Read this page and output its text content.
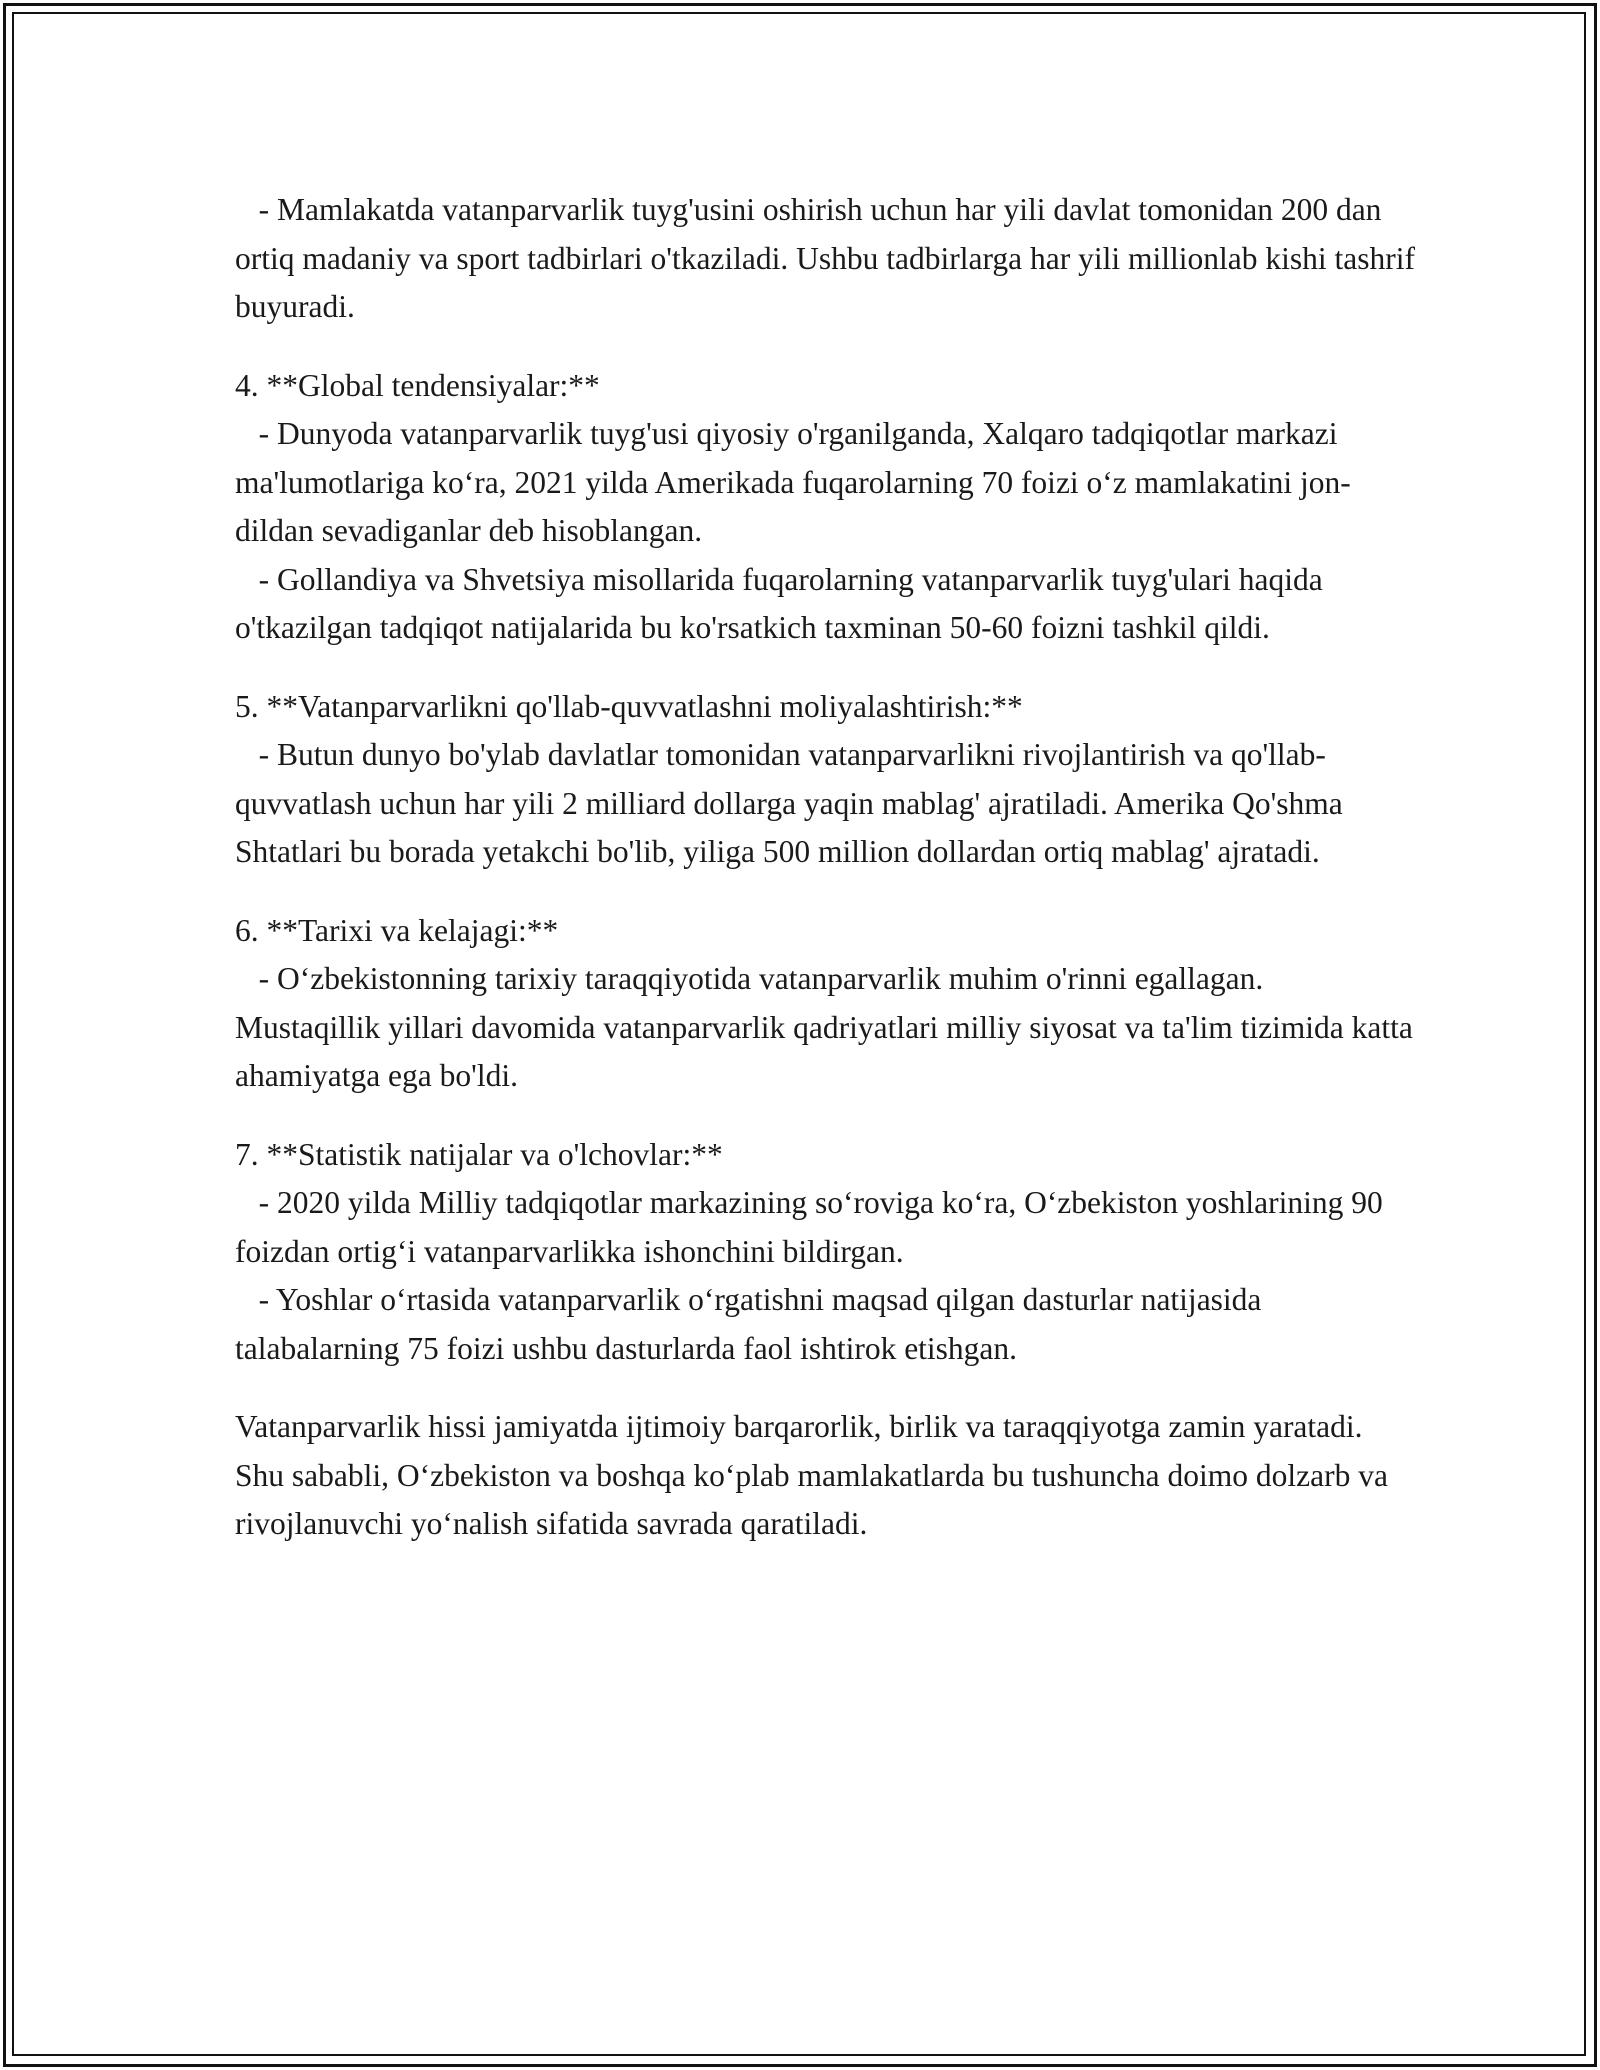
- Mamlakatda vatanparvarlik tuyg'usini oshirish uchun har yili davlat tomonidan 200 dan ortiq madaniy va sport tadbirlari o'tkaziladi. Ushbu tadbirlarga har yili millionlab kishi tashrif buyuradi.

4. **Global tendensiyalar:**

- Dunyoda vatanparvarlik tuyg'usi qiyosiy o'rganilganda, Xalqaro tadqiqotlar markazi ma'lumotlariga ko‘ra, 2021 yilda Amerikada fuqarolarning 70 foizi o‘z mamlakatini jon-dildan sevadiganlar deb hisoblangan.

- Gollandiya va Shvetsiya misollarida fuqarolarning vatanparvarlik tuyg'ulari haqida o'tkazilgan tadqiqot natijalarida bu ko'rsatkich taxminan 50-60 foizni tashkil qildi.

5. **Vatanparvarlikni qo'llab-quvvatlashni moliyalashtirish:**

- Butun dunyo bo'ylab davlatlar tomonidan vatanparvarlikni rivojlantirish va qo'llab-quvvatlash uchun har yili 2 milliard dollarga yaqin mablag' ajratiladi. Amerika Qo'shma Shtatlari bu borada yetakchi bo'lib, yiliga 500 million dollardan ortiq mablag' ajratadi.

6. **Tarixi va kelajagi:**

- O‘zbekistonning tarixiy taraqqiyotida vatanparvarlik muhim o'rinni egallagan. Mustaqillik yillari davomida vatanparvarlik qadriyatlari milliy siyosat va ta'lim tizimida katta ahamiyatga ega bo'ldi.

7. **Statistik natijalar va o'lchovlar:**

- 2020 yilda Milliy tadqiqotlar markazining so‘roviga ko‘ra, O‘zbekiston yoshlarining 90 foizdan ortig‘i vatanparvarlikka ishonchini bildirgan.

- Yoshlar o‘rtasida vatanparvarlik o‘rgatishni maqsad qilgan dasturlar natijasida talabalarning 75 foizi ushbu dasturlarda faol ishtirok etishgan.

Vatanparvarlik hissi jamiyatda ijtimoiy barqarorlik, birlik va taraqqiyotga zamin yaratadi. Shu sababli, O‘zbekiston va boshqa ko‘plab mamlakatlarda bu tushuncha doimo dolzarb va rivojlanuvchi yo‘nalish sifatida savrada qaratiladi.
